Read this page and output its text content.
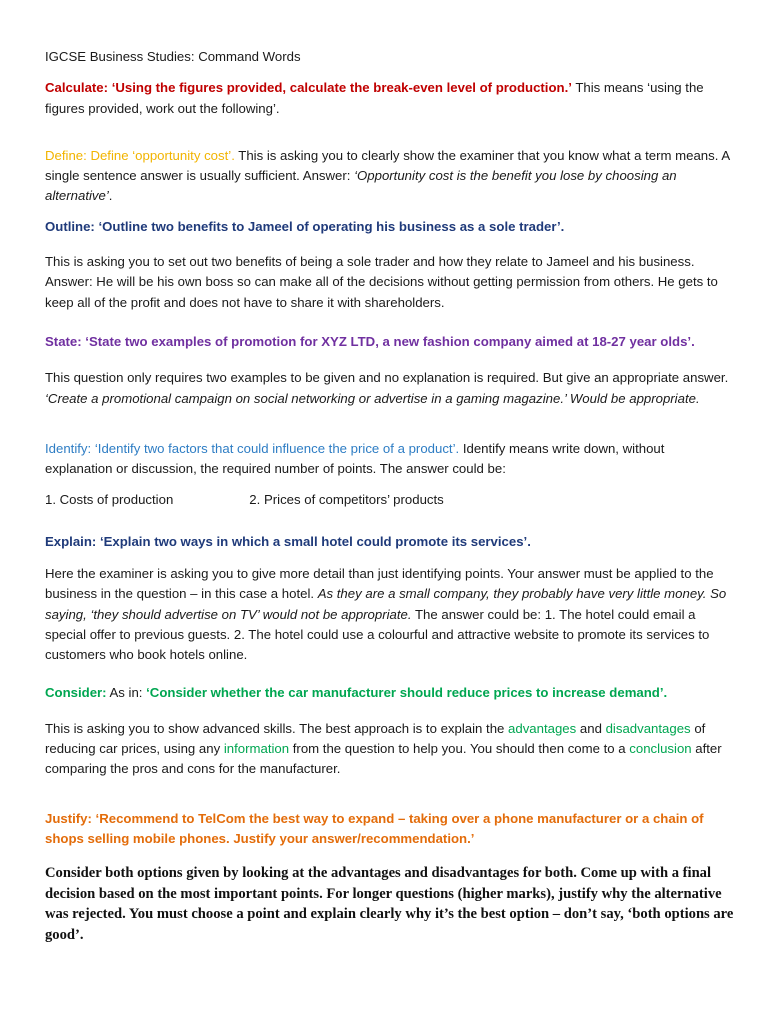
IGCSE Business Studies: Command Words

Calculate: ‘Using the figures provided, calculate the break-even level of production.’ This means ‘using the figures provided, work out the following’.

Define: Define ‘opportunity cost’. This is asking you to clearly show the examiner that you know what a term means. A single sentence answer is usually sufficient. Answer: ‘Opportunity cost is the benefit you lose by choosing an alternative’.

Outline: ‘Outline two benefits to Jameel of operating his business as a sole trader’.

This is asking you to set out two benefits of being a sole trader and how they relate to Jameel and his business. Answer: He will be his own boss so can make all of the decisions without getting permission from others. He gets to keep all of the profit and does not have to share it with shareholders.

State: ‘State two examples of promotion for XYZ LTD, a new fashion company aimed at 18-27 year olds’.

This question only requires two examples to be given and no explanation is required. But give an appropriate answer. ‘Create a promotional campaign on social networking or advertise in a gaming magazine.’ Would be appropriate.

Identify: ‘Identify two factors that could influence the price of a product’. Identify means write down, without explanation or discussion, the required number of points. The answer could be:

1. Costs of production	2. Prices of competitors’ products

Explain: ‘Explain two ways in which a small hotel could promote its services’.

Here the examiner is asking you to give more detail than just identifying points. Your answer must be applied to the business in the question – in this case a hotel. As they are a small company, they probably have very little money. So saying, ‘they should advertise on TV’ would not be appropriate. The answer could be: 1. The hotel could email a special offer to previous guests. 2. The hotel could use a colourful and attractive website to promote its services to customers who book hotels online.

Consider: As in: ‘Consider whether the car manufacturer should reduce prices to increase demand’.

This is asking you to show advanced skills. The best approach is to explain the advantages and disadvantages of reducing car prices, using any information from the question to help you. You should then come to a conclusion after comparing the pros and cons for the manufacturer.

Justify: ‘Recommend to TelCom the best way to expand – taking over a phone manufacturer or a chain of shops selling mobile phones. Justify your answer/recommendation.’

Consider both options given by looking at the advantages and disadvantages for both. Come up with a final decision based on the most important points. For longer questions (higher marks), justify why the alternative was rejected. You must choose a point and explain clearly why it’s the best option – don’t say, ‘both options are good’.
